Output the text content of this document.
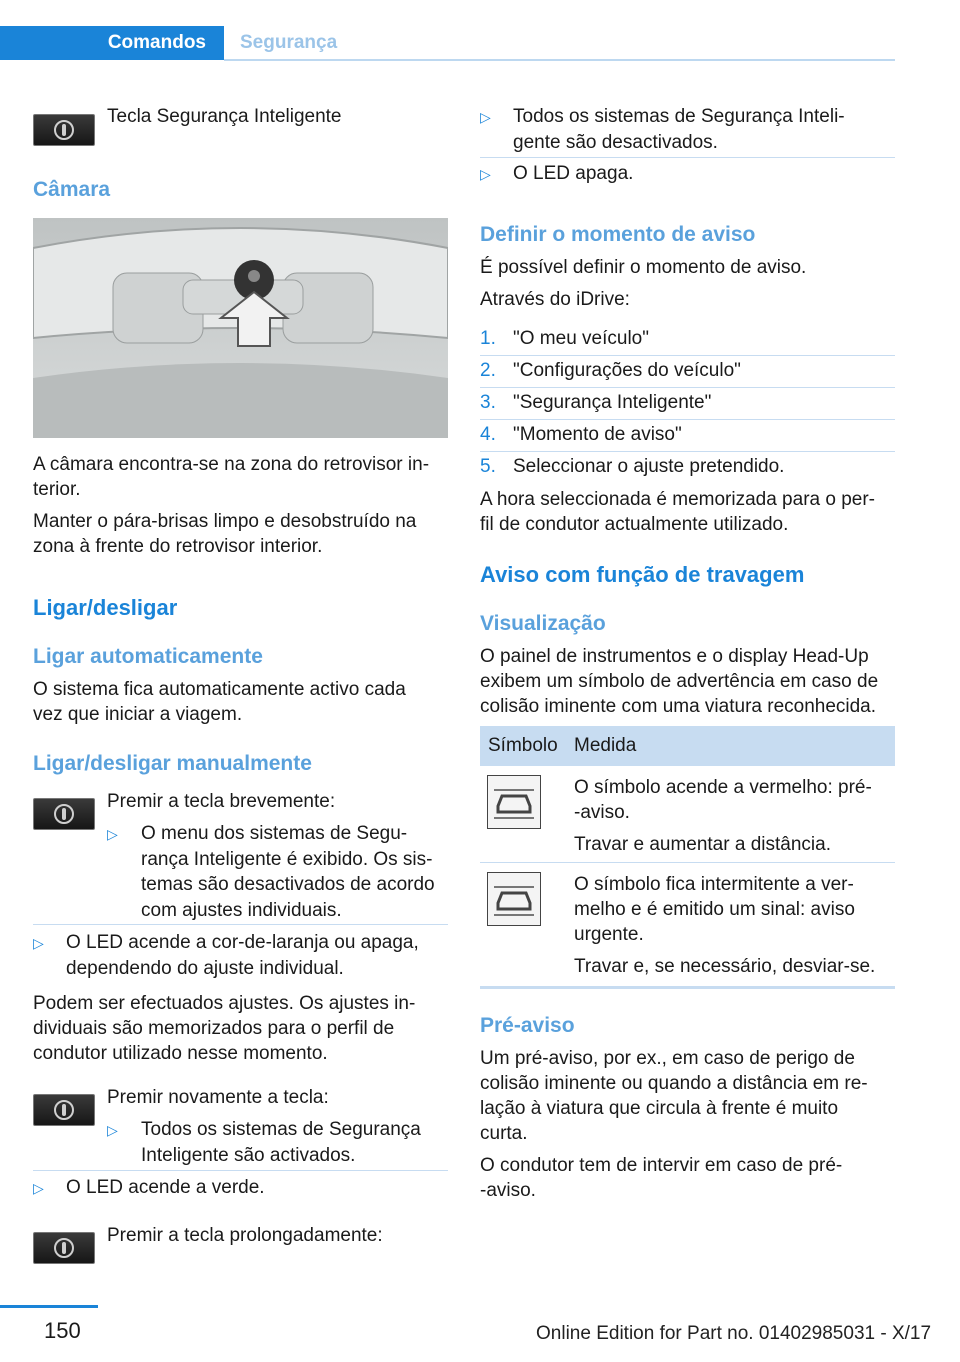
Comandos Segurança

Tecla Segurança Inteligente

Câmara

A câmara encontra-se na zona do retrovisor in-

terior.

Manter o pára-brisas limpo e desobstruído na

zona à frente do retrovisor interior.

Ligar/desligar

Ligar automaticamente

O sistema fica automaticamente activo cada

vez que iniciar a viagem.

Ligar/desligar manualmente

Premir a tecla brevemente:

▷ O menu dos sistemas de Segu-
rança Inteligente é exibido. Os sis-
temas são desactivados de acordo
com ajustes individuais.
▷ O LED acende a cor-de-laranja ou apaga,
dependendo do ajuste individual.

Podem ser efectuados ajustes. Os ajustes in-

dividuais são memorizados para o perfil de

condutor utilizado nesse momento.

Premir novamente a tecla:

▷ Todos os sistemas de Segurança
Inteligente são activados.
▷ O LED acende a verde.

Premir a tecla prolongadamente:

▷ Todos os sistemas de Segurança Inteli-
gente são desactivados.
▷ O LED apaga.

Definir o momento de aviso

É possível definir o momento de aviso.

Através do iDrive:

1. "O meu veículo"
2. "Configurações do veículo"
3. "Segurança Inteligente"
4. "Momento de aviso"
5. Seleccionar o ajuste pretendido.

A hora seleccionada é memorizada para o per-

fil de condutor actualmente utilizado.

Aviso com função de travagem

Visualização

O painel de instrumentos e o display Head-Up

exibem um símbolo de advertência em caso de

colisão iminente com uma viatura reconhecida.

Símbolo Medida

O símbolo acende a vermelho: pré-

-aviso.

Travar e aumentar a distância.

O símbolo fica intermitente a ver-

melho e é emitido um sinal: aviso

urgente.

Travar e, se necessário, desviar-se.

Pré-aviso

Um pré-aviso, por ex., em caso de perigo de

colisão iminente ou quando a distância em re-

lação à viatura que circula à frente é muito

curta.

O condutor tem de intervir em caso de pré-

-aviso.

150	Online Edition for Part no. 01402985031 - X/17
